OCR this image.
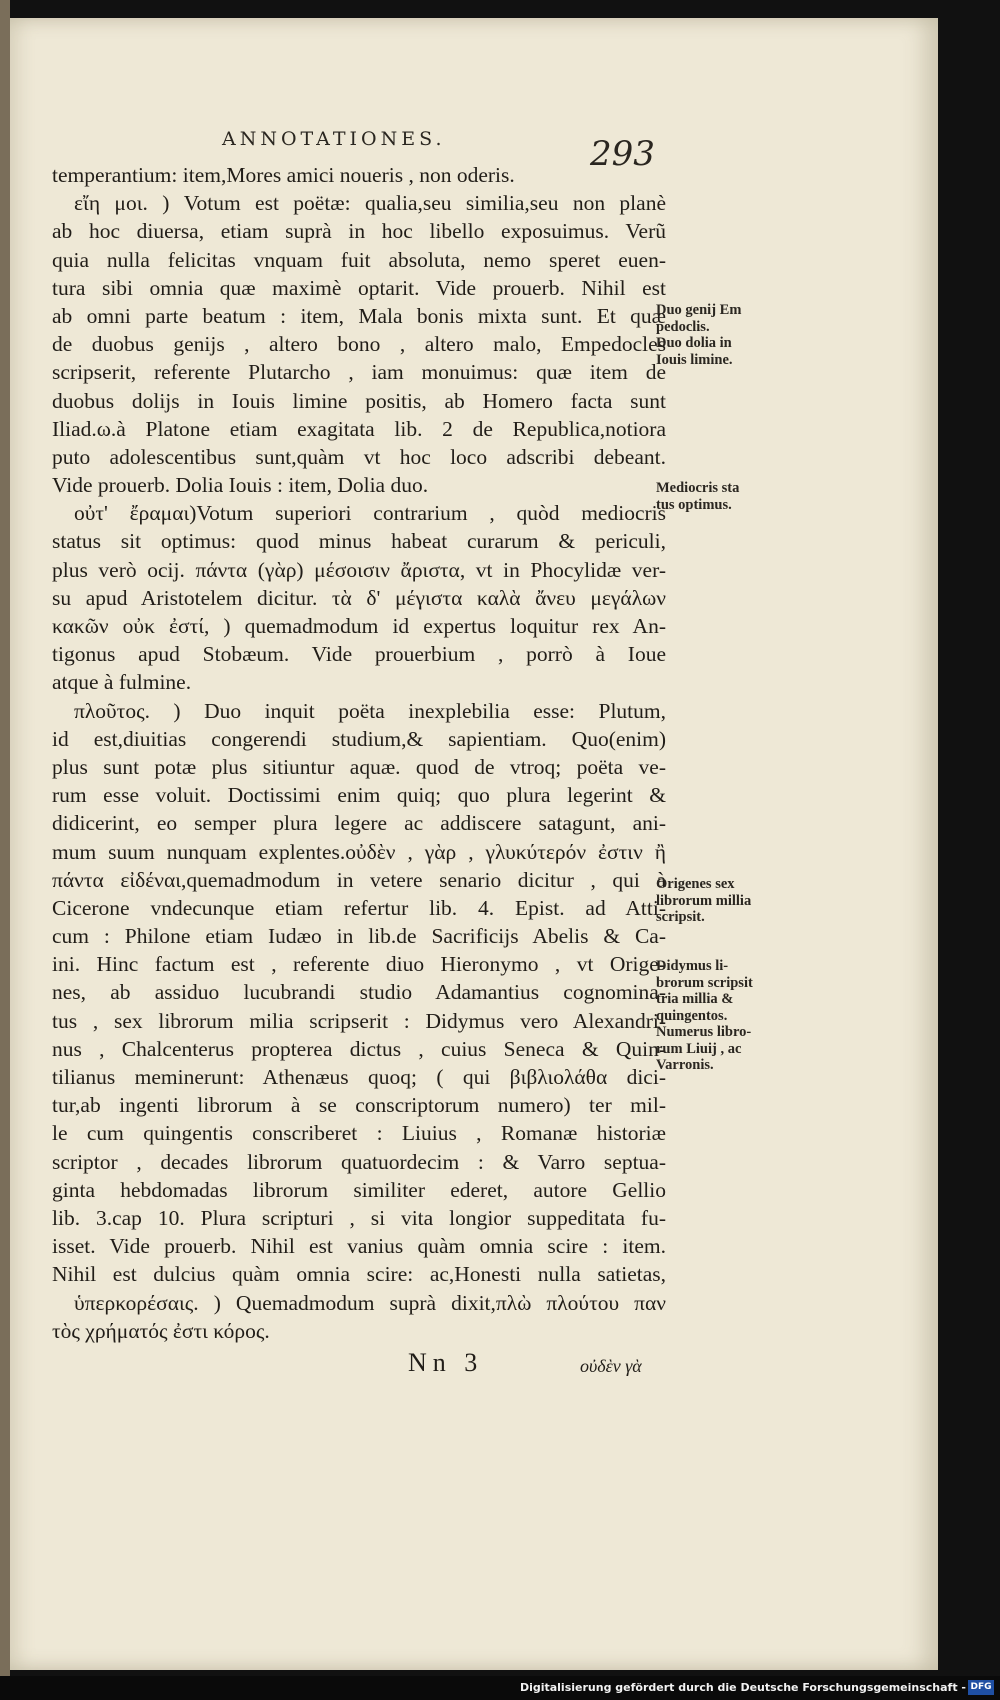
ANNOTATIONES.	293
temperantium: item,Mores amici noueris , non oderis.
εἴη μοι. ) Votum est poëtæ: qualia,seu similia,seu non planè
ab hoc diuersa, etiam suprà in hoc libello exposuimus. Verũ
quia nulla felicitas vnquam fuit absoluta, nemo speret euen-
tura sibi omnia quæ maximè optarit. Vide prouerb. Nihil est
ab omni parte beatum : item, Mala bonis mixta sunt. Et quæ
de duobus genijs , altero bono , altero malo, Empedocles
scripserit, referente Plutarcho , iam monuimus: quæ item de
duobus dolijs in Iouis limine positis, ab Homero facta sunt
Iliad.ω.à Platone etiam exagitata lib. 2 de Republica,notiora
puto adolescentibus sunt,quàm vt hoc loco adscribi debeant.
Vide prouerb. Dolia Iouis : item, Dolia duo.
οὐτ' ἔραμαι)Votum superiori contrarium , quòd mediocris
status sit optimus: quod minus habeat curarum & periculi,
plus verò ocij. πάντα (γὰρ) μέσοισιν ἄριστα, vt in Phocylidæ ver-
su apud Aristotelem dicitur. τὰ δ' μέγιστα καλὰ ἄνευ μεγάλων
κακῶν οὐκ ἐστί, ) quemadmodum id expertus loquitur rex An-
tigonus apud Stobæum. Vide prouerbium , porrò à Ioue
atque à fulmine.
πλοῦτος. ) Duo inquit poëta inexplebilia esse: Plutum,
id est,diuitias congerendi studium,& sapientiam. Quo(enim)
plus sunt potæ plus sitiuntur aquæ. quod de vtroq; poëta ve-
rum esse voluit. Doctissimi enim quiq; quo plura legerint &
didicerint, eo semper plura legere ac addiscere satagunt, ani-
mum suum nunquam explentes.οὐδὲν , γὰρ , γλυκύτερόν ἐστιν ἢ
πάντα εἰδέναι,quemadmodum in vetere senario dicitur , qui à
Cicerone vndecunque etiam refertur lib. 4. Epist. ad Atti-
cum : Philone etiam Iudæo in lib.de Sacrificijs Abelis & Ca-
ini. Hinc factum est , referente diuo Hieronymo , vt Orige-
nes, ab assiduo lucubrandi studio Adamantius cognomina-
tus , sex librorum milia scripserit : Didymus vero Alexandri-
nus , Chalcenterus propterea dictus , cuius Seneca & Quin-
tilianus meminerunt: Athenæus quoq; ( qui βιβλιολάθα dici-
tur,ab ingenti librorum à se conscriptorum numero) ter mil-
le cum quingentis conscriberet : Liuius , Romanæ historiæ
scriptor , decades librorum quatuordecim : & Varro septua-
ginta hebdomadas librorum similiter ederet, autore Gellio
lib. 3.cap 10. Plura scripturi , si vita longior suppeditata fu-
isset. Vide prouerb. Nihil est vanius quàm omnia scire : item.
Nihil est dulcius quàm omnia scire: ac,Honesti nulla satietas,
ὑπερκορέσαις. ) Quemadmodum suprà dixit,πλὼ πλούτου παν
τὸς χρήματός ἐστι κόρος.
Duo genij Em
pedoclis.
Duo dolia in
Iouis limine.
Mediocris sta
tus optimus.
Origenes sex
librorum millia
scripsit.
Didymus li-
brorum scripsit
tria millia &
quingentos.
Numerus libro-
rum Liuij , ac
Varronis.
Nn 3	οὐδὲν γὰ
Digitalisierung gefördert durch die Deutsche Forschungsgemeinschaft - DFG
